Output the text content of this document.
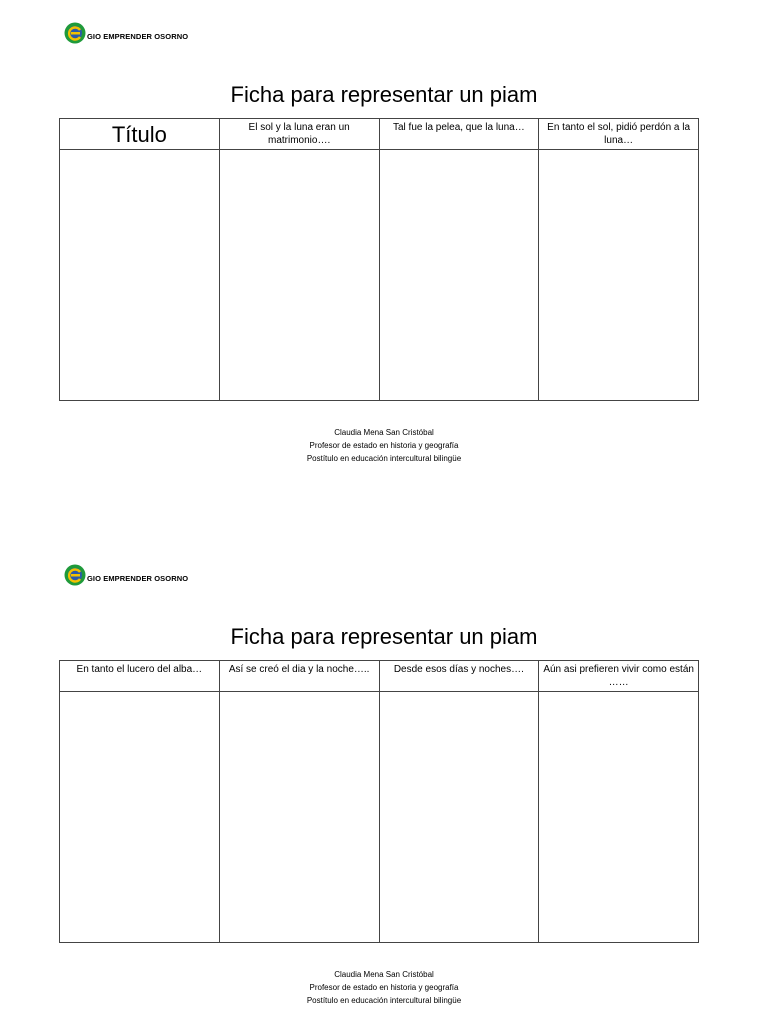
GIO EMPRENDER OSORNO
Ficha para representar un piam
Título	El sol y la luna eran un matrimonio….	Tal fue la pelea, que la luna…	En tanto el sol, pidió perdón a la luna…

Claudia Mena San Cristóbal
Profesor de estado en historia y geografía
Postítulo en educación intercultural bilingüe
GIO EMPRENDER OSORNO
Ficha para representar un piam
En tanto el lucero del alba…	Así se creó el dia y la noche…..	Desde esos días y noches….	Aún asi prefieren vivir como están ……

Claudia Mena San Cristóbal
Profesor de estado en historia y geografía
Postítulo en educación intercultural bilingüe
